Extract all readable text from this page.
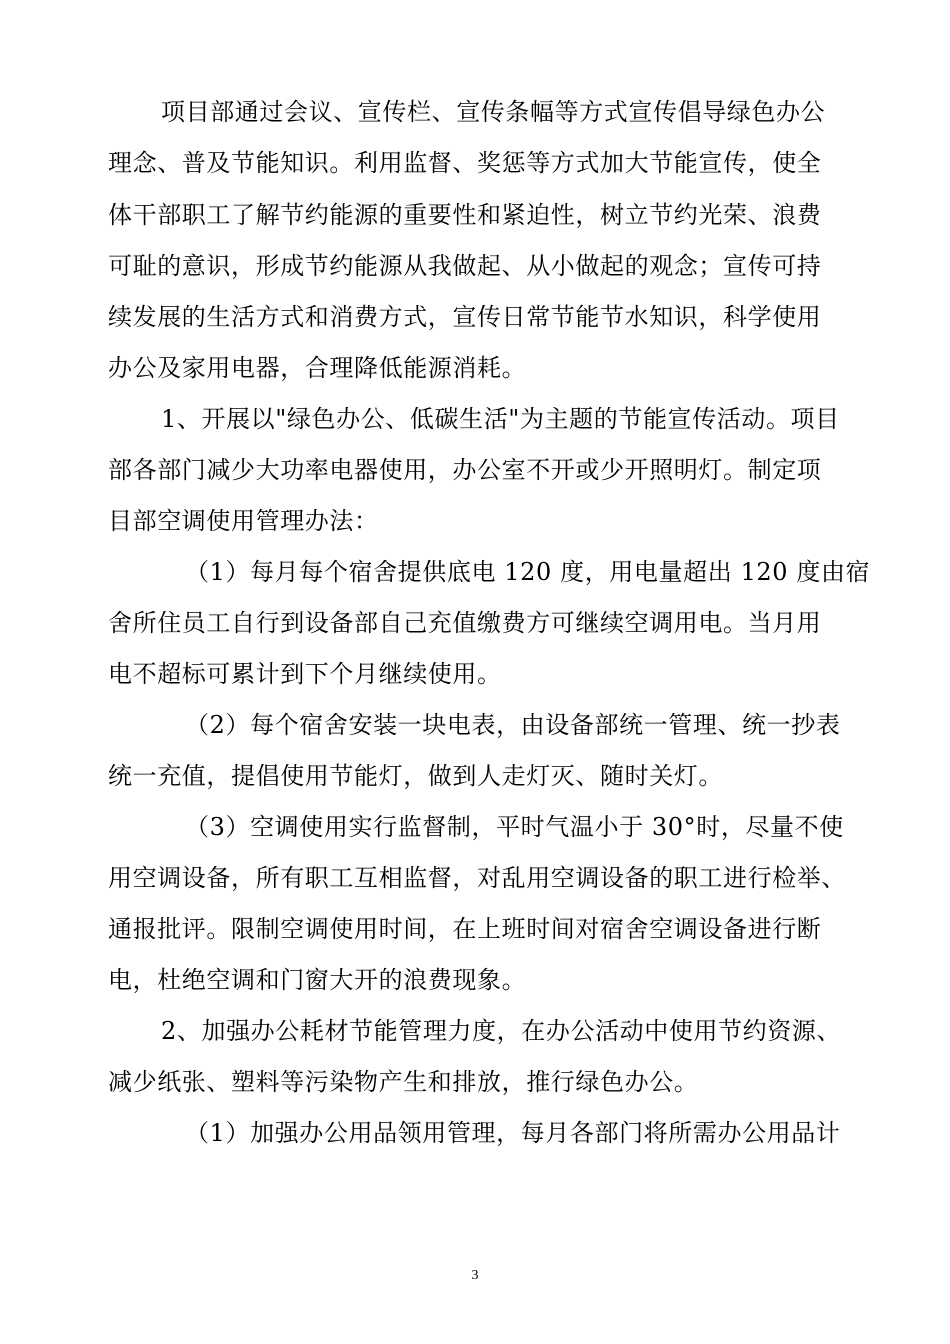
项目部通过会议、宣传栏、宣传条幅等方式宣传倡导绿色办公
理念、普及节能知识。利用监督、奖惩等方式加大节能宣传，使全
体干部职工了解节约能源的重要性和紧迫性，树立节约光荣、浪费
可耻的意识，形成节约能源从我做起、从小做起的观念；宣传可持
续发展的生活方式和消费方式，宣传日常节能节水知识，科学使用
办公及家用电器，合理降低能源消耗。
1、开展以"绿色办公、低碳生活"为主题的节能宣传活动。项目
部各部门减少大功率电器使用，办公室不开或少开照明灯。制定项
目部空调使用管理办法：
（1）每月每个宿舍提供底电 120 度，用电量超出 120 度由宿
舍所住员工自行到设备部自己充值缴费方可继续空调用电。当月用
电不超标可累计到下个月继续使用。
（2）每个宿舍安装一块电表，由设备部统一管理、统一抄表
统一充值，提倡使用节能灯，做到人走灯灭、随时关灯。
（3）空调使用实行监督制，平时气温小于 30°时，尽量不使
用空调设备，所有职工互相监督，对乱用空调设备的职工进行检举、
通报批评。限制空调使用时间，在上班时间对宿舍空调设备进行断
电，杜绝空调和门窗大开的浪费现象。
2、加强办公耗材节能管理力度，在办公活动中使用节约资源、
减少纸张、塑料等污染物产生和排放，推行绿色办公。
（1）加强办公用品领用管理，每月各部门将所需办公用品计
3
